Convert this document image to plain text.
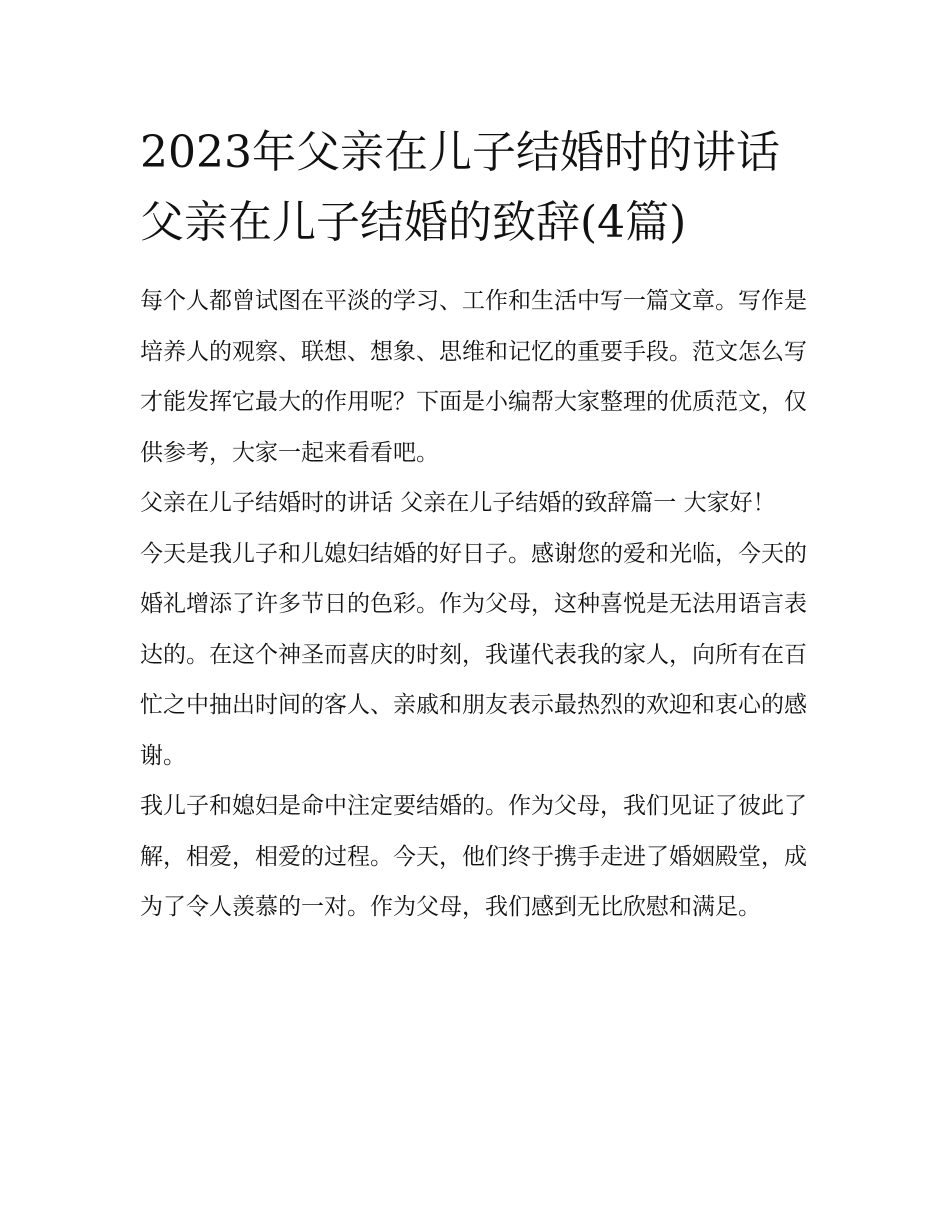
2023年父亲在儿子结婚时的讲话 父亲在儿子结婚的致辞(4篇)

每个人都曾试图在平淡的学习、工作和生活中写一篇文章。写作是培养人的观察、联想、想象、思维和记忆的重要手段。范文怎么写才能发挥它最大的作用呢？下面是小编帮大家整理的优质范文，仅供参考，大家一起来看看吧。

父亲在儿子结婚时的讲话 父亲在儿子结婚的致辞篇一 大家好！

今天是我儿子和儿媳妇结婚的好日子。感谢您的爱和光临，今天的婚礼增添了许多节日的色彩。作为父母，这种喜悦是无法用语言表达的。在这个神圣而喜庆的时刻，我谨代表我的家人，向所有在百忙之中抽出时间的客人、亲戚和朋友表示最热烈的欢迎和衷心的感谢。

我儿子和媳妇是命中注定要结婚的。作为父母，我们见证了彼此了解，相爱，相爱的过程。今天，他们终于携手走进了婚姻殿堂，成为了令人羡慕的一对。作为父母，我们感到无比欣慰和满足。
